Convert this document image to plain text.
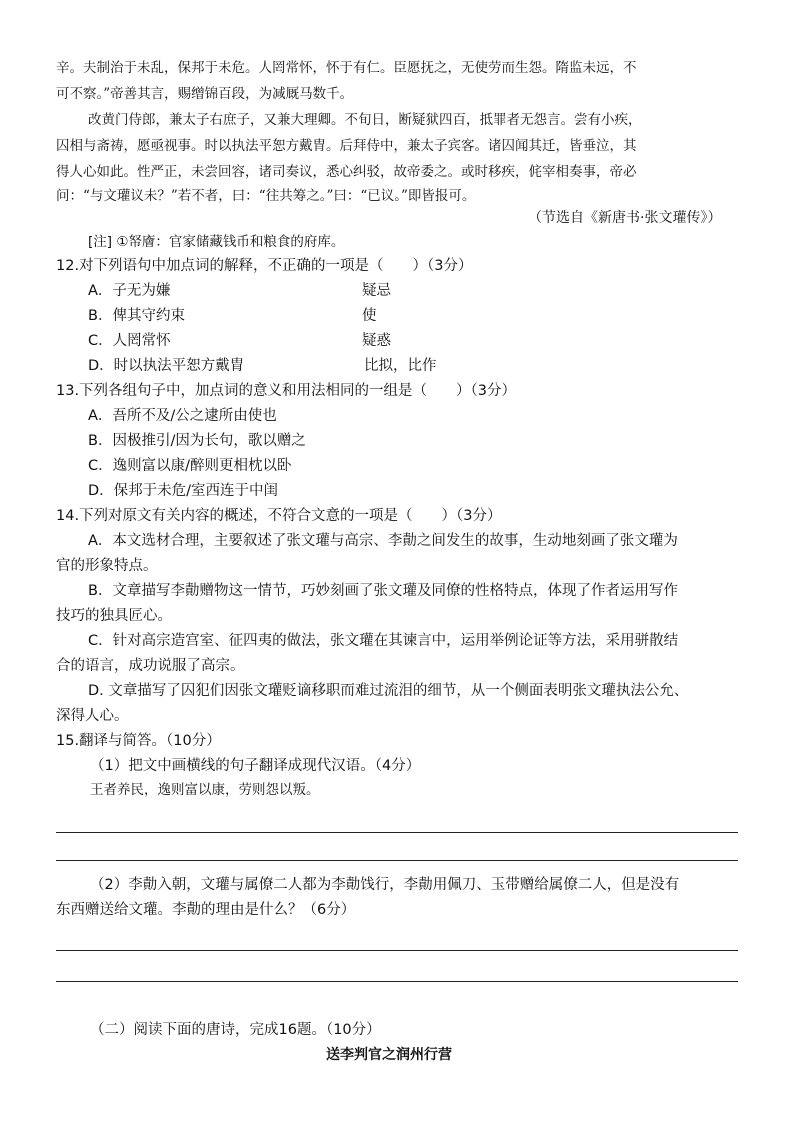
辛。夫制治于未乱，保邦于未危。人罔常怀，怀于有仁。臣愿抚之，无使劳而生怨。隋监未远，不
可不察。”帝善其言，赐缯锦百段，为减厩马数千。
改黄门侍郎，兼太子右庶子，又兼大理卿。不旬日，断疑狱四百，抵罪者无怨言。尝有小疾，
囚相与斋祷，愿亟视事。时以执法平恕方戴胄。后拜侍中，兼太子宾客。诸囚闻其迁，皆垂泣，其
得人心如此。性严正，未尝回容，诸司奏议，悉心纠驳，故帝委之。或时移疾，侂宰相奏事，帝必
问：“与文瓘议未？”若不者，曰：“往共筹之。”曰：“已议。”即皆报可。
（节选自《新唐书·张文瓘传》）
[注] ①帑廥：官家储藏钱币和粮食的府库。
12.对下列语句中加点词的解释，不正确的一项是（　　）（3分）
A．子无为嫌	疑忌
B．俾其守约束	使
C．人罔常怀	疑惑
D．时以执法平恕方戴胄	比拟，比作
13.下列各组句子中，加点词的意义和用法相同的一组是（　　）（3分）
A．吾所不及/公之逮所由使也
B．因极推引/因为长句，歌以赠之
C．逸则富以康/醉则更相枕以卧
D．保邦于未危/室西连于中闺
14.下列对原文有关内容的概述，不符合文意的一项是（　　）（3分）
A．本文选材合理，主要叙述了张文瓘与高宗、李勣之间发生的故事，生动地刻画了张文瓘为
官的形象特点。
B．文章描写李勣赠物这一情节，巧妙刻画了张文瓘及同僚的性格特点，体现了作者运用写作
技巧的独具匠心。
C．针对高宗造宫室、征四夷的做法，张文瓘在其谏言中，运用举例论证等方法，采用骈散结
合的语言，成功说服了高宗。
D. 文章描写了囚犯们因张文瓘贬谪移职而难过流泪的细节，从一个侧面表明张文瓘执法公允、
深得人心。
15.翻译与简答。（10分）
（1）把文中画横线的句子翻译成现代汉语。（4分）
王者养民，逸则富以康，劳则怨以叛。
（2）李勣入朝，文瓘与属僚二人都为李勣饯行，李勣用佩刀、玉带赠给属僚二人，但是没有
东西赠送给文瓘。李勣的理由是什么？（6分）
（二）阅读下面的唐诗，完成16题。（10分）
送李判官之润州行营
